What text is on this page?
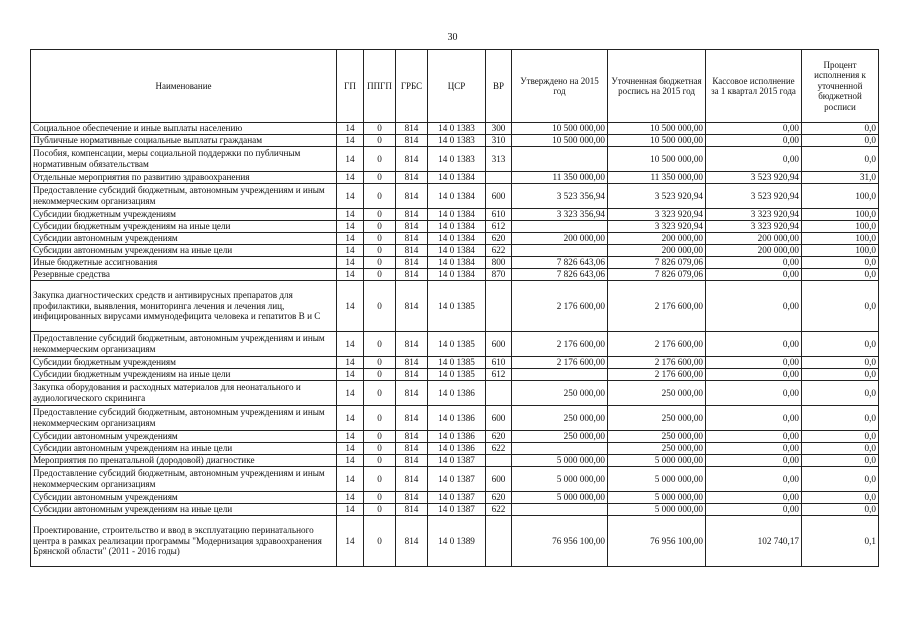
30
Наименование	ГП	ППГП	ГРБС	ЦСР	ВР	Утверждено на 2015 год	Уточненная бюджетная роспись на 2015 год	Кассовое исполнение за 1 квартал 2015 года	Процент исполнения к уточненной бюджетной росписи
Социальное обеспечение и иные выплаты населению	14	0	814	14 0 1383	300	10 500 000,00	10 500 000,00	0,00	0,0
Публичные нормативные социальные выплаты гражданам	14	0	814	14 0 1383	310	10 500 000,00	10 500 000,00	0,00	0,0
Пособия, компенсации, меры социальной поддержки по публичным нормативным обязательствам	14	0	814	14 0 1383	313		10 500 000,00	0,00	0,0
Отдельные мероприятия по развитию здравоохранения	14	0	814	14 0 1384		11 350 000,00	11 350 000,00	3 523 920,94	31,0
Предоставление субсидий бюджетным, автономным учреждениям и иным некоммерческим организациям	14	0	814	14 0 1384	600	3 523 356,94	3 523 920,94	3 523 920,94	100,0
Субсидии бюджетным учреждениям	14	0	814	14 0 1384	610	3 323 356,94	3 323 920,94	3 323 920,94	100,0
Субсидии бюджетным учреждениям на иные цели	14	0	814	14 0 1384	612		3 323 920,94	3 323 920,94	100,0
Субсидии автономным учреждениям	14	0	814	14 0 1384	620	200 000,00	200 000,00	200 000,00	100,0
Субсидии автономным учреждениям на иные цели	14	0	814	14 0 1384	622		200 000,00	200 000,00	100,0
Иные бюджетные ассигнования	14	0	814	14 0 1384	800	7 826 643,06	7 826 079,06	0,00	0,0
Резервные средства	14	0	814	14 0 1384	870	7 826 643,06	7 826 079,06	0,00	0,0
Закупка диагностических средств и антивирусных препаратов для профилактики, выявления, мониторинга лечения и лечения лиц, инфицированных вирусами иммунодефицита человека и гепатитов В и С	14	0	814	14 0 1385		2 176 600,00	2 176 600,00	0,00	0,0
Предоставление субсидий бюджетным, автономным учреждениям и иным некоммерческим организациям	14	0	814	14 0 1385	600	2 176 600,00	2 176 600,00	0,00	0,0
Субсидии бюджетным учреждениям	14	0	814	14 0 1385	610	2 176 600,00	2 176 600,00	0,00	0,0
Субсидии бюджетным учреждениям на иные цели	14	0	814	14 0 1385	612		2 176 600,00	0,00	0,0
Закупка оборудования и расходных материалов для неонатального и аудиологического скрининга	14	0	814	14 0 1386		250 000,00	250 000,00	0,00	0,0
Предоставление субсидий бюджетным, автономным учреждениям и иным некоммерческим организациям	14	0	814	14 0 1386	600	250 000,00	250 000,00	0,00	0,0
Субсидии автономным учреждениям	14	0	814	14 0 1386	620	250 000,00	250 000,00	0,00	0,0
Субсидии автономным учреждениям на иные цели	14	0	814	14 0 1386	622		250 000,00	0,00	0,0
Мероприятия по пренатальной (дородовой) диагностике	14	0	814	14 0 1387		5 000 000,00	5 000 000,00	0,00	0,0
Предоставление субсидий бюджетным, автономным учреждениям и иным некоммерческим организациям	14	0	814	14 0 1387	600	5 000 000,00	5 000 000,00	0,00	0,0
Субсидии автономным учреждениям	14	0	814	14 0 1387	620	5 000 000,00	5 000 000,00	0,00	0,0
Субсидии автономным учреждениям на иные цели	14	0	814	14 0 1387	622		5 000 000,00	0,00	0,0
Проектирование, строительство и ввод в эксплуатацию перинатального центра в рамках реализации программы "Модернизация здравоохранения Брянской области" (2011 - 2016 годы)	14	0	814	14 0 1389		76 956 100,00	76 956 100,00	102 740,17	0,1
